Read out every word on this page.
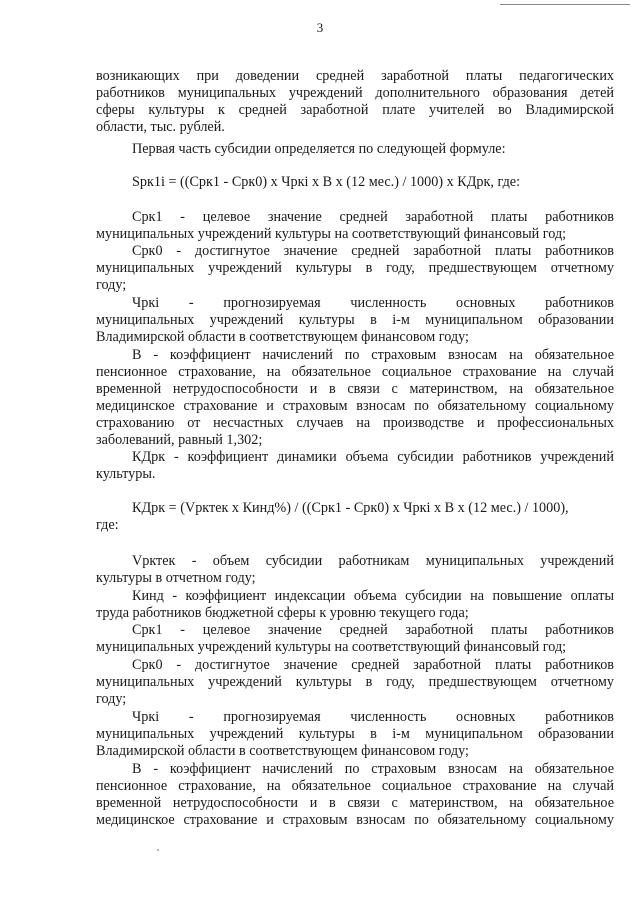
3
возникающих при доведении средней заработной платы педагогических
работников муниципальных учреждений дополнительного образования детей
сферы культуры к средней заработной плате учителей во Владимирской
области, тыс. рублей.
Первая часть субсидии определяется по следующей формуле:
Spк1i = ((Срк1 - Срк0) х Чркi х В х (12 мес.) / 1000) х КДрк, где:
Срк1 - целевое значение средней заработной платы работников
муниципальных учреждений культуры на соответствующий финансовый год;
Срк0 - достигнутое значение средней заработной платы работников
муниципальных учреждений культуры в году, предшествующем отчетному
году;
Чркi - прогнозируемая численность основных работников
муниципальных учреждений культуры в i-м муниципальном образовании
Владимирской области в соответствующем финансовом году;
В - коэффициент начислений по страховым взносам на обязательное
пенсионное страхование, на обязательное социальное страхование на случай
временной нетрудоспособности и в связи с материнством, на обязательное
медицинское страхование и страховым взносам по обязательному социальному
страхованию от несчастных случаев на производстве и профессиональных
заболеваний, равный 1,302;
КДрк - коэффициент динамики объема субсидии работников учреждений
культуры.
КДрк = (Vрктек х Кинд%) / ((Срк1 - Срк0) х Чркi х В х (12 мес.) / 1000),
где:
Vрктек - объем субсидии работникам муниципальных учреждений
культуры в отчетном году;
Кинд - коэффициент индексации объема субсидии на повышение оплаты
труда работников бюджетной сферы к уровню текущего года;
Срк1 - целевое значение средней заработной платы работников
муниципальных учреждений культуры на соответствующий финансовый год;
Срк0 - достигнутое значение средней заработной платы работников
муниципальных учреждений культуры в году, предшествующем отчетному
году;
Чркi - прогнозируемая численность основных работников
муниципальных учреждений культуры в i-м муниципальном образовании
Владимирской области в соответствующем финансовом году;
В - коэффициент начислений по страховым взносам на обязательное
пенсионное страхование, на обязательное социальное страхование на случай
временной нетрудоспособности и в связи с материнством, на обязательное
медицинское страхование и страховым взносам по обязательному социальному
